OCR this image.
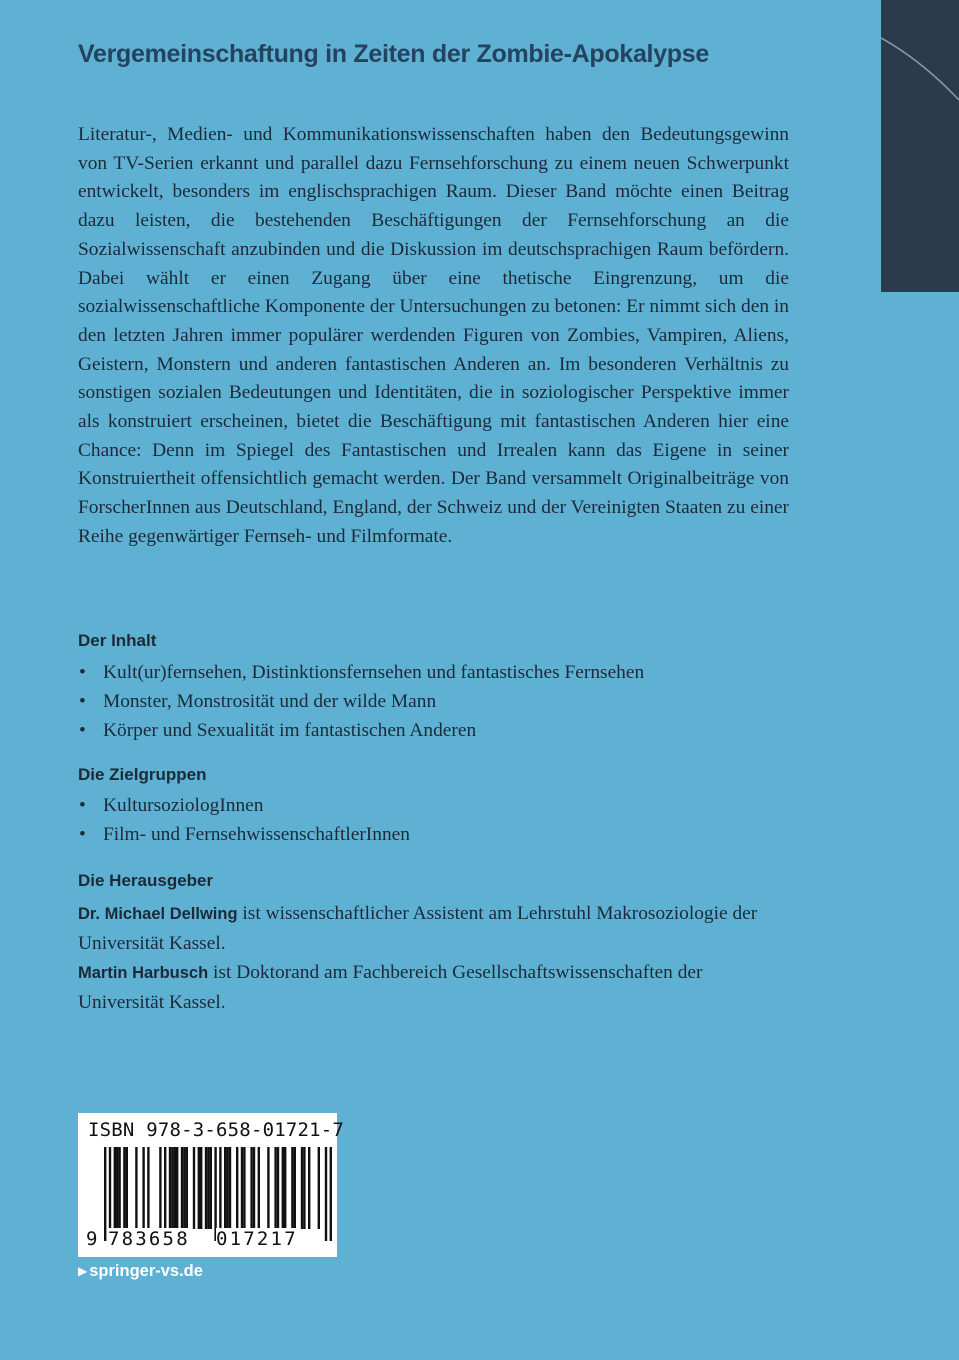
Vergemeinschaftung in Zeiten der Zombie-Apokalypse

Literatur-, Medien- und Kommunikationswissenschaften haben den Bedeutungsgewinn von TV-Serien erkannt und parallel dazu Fernsehforschung zu einem neuen Schwerpunkt entwickelt, besonders im englischsprachigen Raum. Dieser Band möchte einen Beitrag dazu leisten, die bestehenden Beschäftigungen der Fernsehforschung an die Sozialwissenschaft anzubinden und die Diskussion im deutschsprachigen Raum befördern. Dabei wählt er einen Zugang über eine thetische Eingrenzung, um die sozialwissenschaftliche Komponente der Untersuchungen zu betonen: Er nimmt sich den in den letzten Jahren immer populärer werdenden Figuren von Zombies, Vampiren, Aliens, Geistern, Monstern und anderen fantastischen Anderen an. Im besonderen Verhältnis zu sonstigen sozialen Bedeutungen und Identitäten, die in soziologischer Perspektive immer als konstruiert erscheinen, bietet die Beschäftigung mit fantastischen Anderen hier eine Chance: Denn im Spiegel des Fantastischen und Irrealen kann das Eigene in seiner Konstruiertheit offensichtlich gemacht werden. Der Band versammelt Originalbeiträge von ForscherInnen aus Deutschland, England, der Schweiz und der Vereinigten Staaten zu einer Reihe gegenwärtiger Fernseh- und Filmformate.

Der Inhalt
• Kult(ur)fernsehen, Distinktionsfernsehen und fantastisches Fernsehen
• Monster, Monstrosität und der wilde Mann
• Körper und Sexualität im fantastischen Anderen
Die Zielgruppen
• KultursoziologInnen
• Film- und FernsehwissenschaftlerInnen
Die Herausgeber

Dr. Michael Dellwing ist wissenschaftlicher Assistent am Lehrstuhl Makrosoziologie der Universität Kassel.
Martin Harbusch ist Doktorand am Fachbereich Gesellschaftswissenschaften der Universität Kassel.

ISBN 978-3-658-01721-7
9 783658 017217
▶ springer-vs.de
